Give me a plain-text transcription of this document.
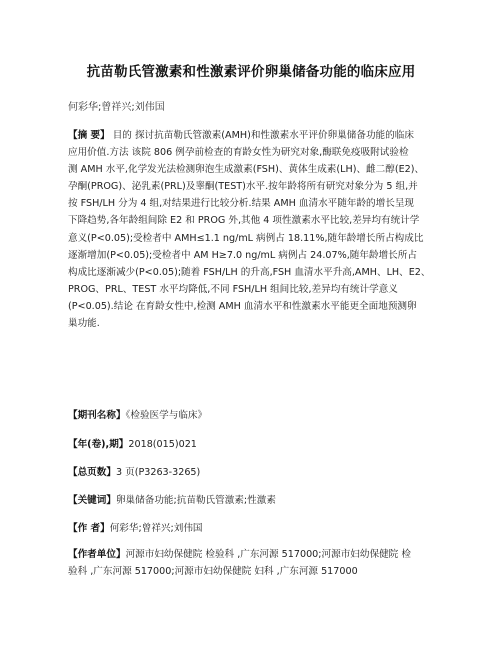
抗苗勒氏管激素和性激素评价卵巢储备功能的临床应用
何彩华;曾祥兴;刘伟国
【摘 要】 目的 探讨抗苗勒氏管激素(AMH)和性激素水平评价卵巢储备功能的临床
应用价值.方法 该院 806 例孕前检查的育龄女性为研究对象,酶联免疫吸附试验检
测 AMH 水平,化学发光法检测卵泡生成激素(FSH)、黄体生成素(LH)、雌二醇(E2)、
孕酮(PROG)、泌乳素(PRL)及睾酮(TEST)水平.按年龄将所有研究对象分为 5 组,并
按 FSH/LH 分为 4 组,对结果进行比较分析.结果 AMH 血清水平随年龄的增长呈现
下降趋势,各年龄组间除 E2 和 PROG 外,其他 4 项性激素水平比较,差异均有统计学
意义(P<0.05);受检者中 AMH≤1.1 ng/mL 病例占 18.11%,随年龄增长所占构成比
逐渐增加(P<0.05);受检者中 AM H≥7.0 ng/mL 病例占 24.07%,随年龄增长所占
构成比逐渐减少(P<0.05);随着 FSH/LH 的升高,FSH 血清水平升高,AMH、LH、E2、
PROG、PRL、TEST 水平均降低,不同 FSH/LH 组间比较,差异均有统计学意义
(P<0.05).结论 在育龄女性中,检测 AMH 血清水平和性激素水平能更全面地预测卵
巢功能.
【期刊名称】《检验医学与临床》
【年(卷),期】2018(015)021
【总页数】3 页(P3263-3265)
【关键词】卵巢储备功能;抗苗勒氏管激素;性激素
【作 者】何彩华;曾祥兴;刘伟国
【作者单位】河源市妇幼保健院 检验科 ,广东河源 517000;河源市妇幼保健院 检
验科 ,广东河源 517000;河源市妇幼保健院 妇科 ,广东河源 517000
